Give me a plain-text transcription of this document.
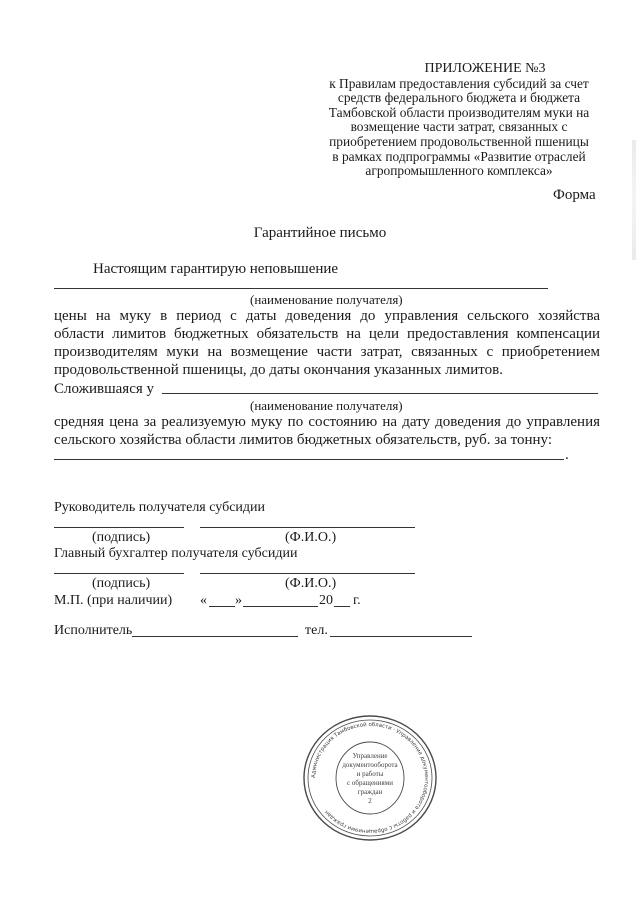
ПРИЛОЖЕНИЕ №3
к Правилам предоставления субсидий за счет
средств федерального бюджета и бюджета
Тамбовской области производителям муки на
возмещение части затрат, связанных с
приобретением продовольственной пшеницы
в рамках подпрограммы «Развитие отраслей
агропромышленного комплекса»
Форма
Гарантийное письмо
Настоящим гарантирую неповышение
(наименование получателя)
цены на муку в период с даты доведения до управления сельского хозяйства
области лимитов бюджетных обязательств на цели предоставления компенсации
производителям муки на возмещение части затрат, связанных с приобретением
продовольственной пшеницы, до даты окончания указанных лимитов.
Сложившаяся у
(наименование получателя)
средняя цена за реализуемую муку по состоянию на дату доведения до управления
сельского хозяйства области лимитов бюджетных обязательств, руб. за тонну:
.
Руководитель получателя субсидии
(подпись)	(Ф.И.О.)
Главный бухгалтер получателя субсидии
(подпись)	(Ф.И.О.)
М.П. (при наличии) « »	20 г.
Исполнитель	тел.
Администрация Тамбовской области · Управление документооборота и работы с обращениями граждан
Управление
документооборота
и работы
с обращениями
граждан
2
